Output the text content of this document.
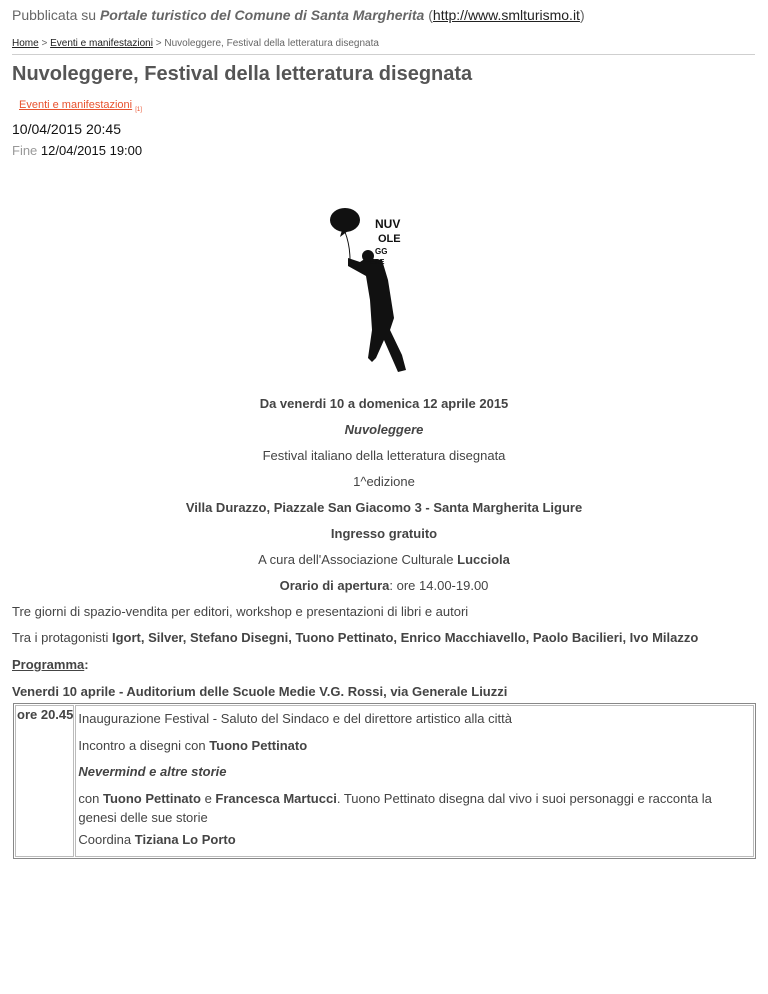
Pubblicata su Portale turistico del Comune di Santa Margherita (http://www.smlturismo.it)
Home > Eventi e manifestazioni > Nuvoleggere, Festival della letteratura disegnata
Nuvoleggere, Festival della letteratura disegnata
Eventi e manifestazioni $_{[1]}$
10/04/2015 20:45
Fine 12/04/2015 19:00
NUV
OLE
GG
ERE
Da venerdi 10 a domenica 12 aprile 2015
Nuvoleggere
Festival italiano della letteratura disegnata
1^edizione
Villa Durazzo, Piazzale San Giacomo 3 - Santa Margherita Ligure
Ingresso gratuito
A cura dell'Associazione Culturale Lucciola
Orario di apertura: ore 14.00-19.00
Tre giorni di spazio-vendita per editori, workshop e presentazioni di libri e autori
Tra i protagonisti Igort, Silver, Stefano Disegni, Tuono Pettinato, Enrico Macchiavello, Paolo Bacilieri, Ivo Milazzo
Programma:
Venerdi 10 aprile - Auditorium delle Scuole Medie V.G. Rossi, via Generale Liuzzi
ore 20.45	Inaugurazione Festival - Saluto del Sindaco e del direttore artistico alla città
Incontro a disegni con Tuono Pettinato
Nevermind e altre storie
con Tuono Pettinato e Francesca Martucci. Tuono Pettinato disegna dal vivo i suoi personaggi e racconta la genesi delle sue storie
Coordina Tiziana Lo Porto
